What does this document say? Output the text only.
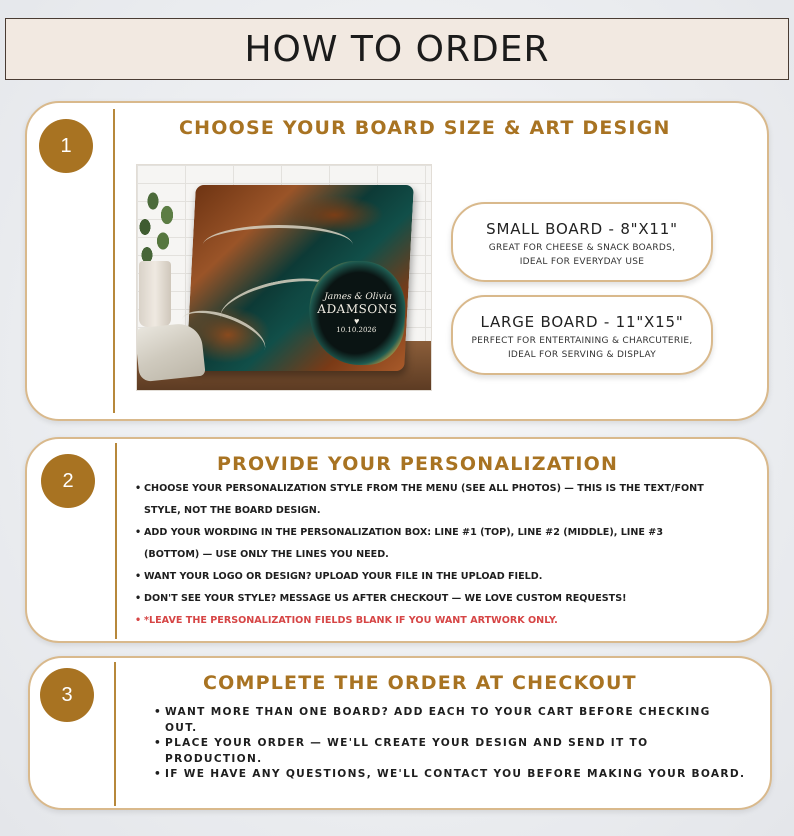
HOW TO ORDER
1
CHOOSE YOUR BOARD SIZE & ART DESIGN
James & Olivia
ADAMSONS
♥
10.10.2026
SMALL BOARD - 8"X11"
GREAT FOR CHEESE & SNACK BOARDS,
IDEAL FOR EVERYDAY USE
LARGE BOARD - 11"X15"
PERFECT FOR ENTERTAINING & CHARCUTERIE,
IDEAL FOR SERVING & DISPLAY
2
PROVIDE YOUR PERSONALIZATION
• CHOOSE YOUR PERSONALIZATION STYLE FROM THE MENU (SEE ALL PHOTOS) — THIS IS THE TEXT/FONT
STYLE, NOT THE BOARD DESIGN.
• ADD YOUR WORDING IN THE PERSONALIZATION BOX: LINE #1 (TOP), LINE #2 (MIDDLE), LINE #3
(BOTTOM) — USE ONLY THE LINES YOU NEED.
• WANT YOUR LOGO OR DESIGN? UPLOAD YOUR FILE IN THE UPLOAD FIELD.
• DON'T SEE YOUR STYLE? MESSAGE US AFTER CHECKOUT — WE LOVE CUSTOM REQUESTS!
• *LEAVE THE PERSONALIZATION FIELDS BLANK IF YOU WANT ARTWORK ONLY.
3
COMPLETE THE ORDER AT CHECKOUT
• WANT MORE THAN ONE BOARD? ADD EACH TO YOUR CART BEFORE CHECKING
OUT.
• PLACE YOUR ORDER — WE'LL CREATE YOUR DESIGN AND SEND IT TO
PRODUCTION.
• IF WE HAVE ANY QUESTIONS, WE'LL CONTACT YOU BEFORE MAKING YOUR BOARD.
